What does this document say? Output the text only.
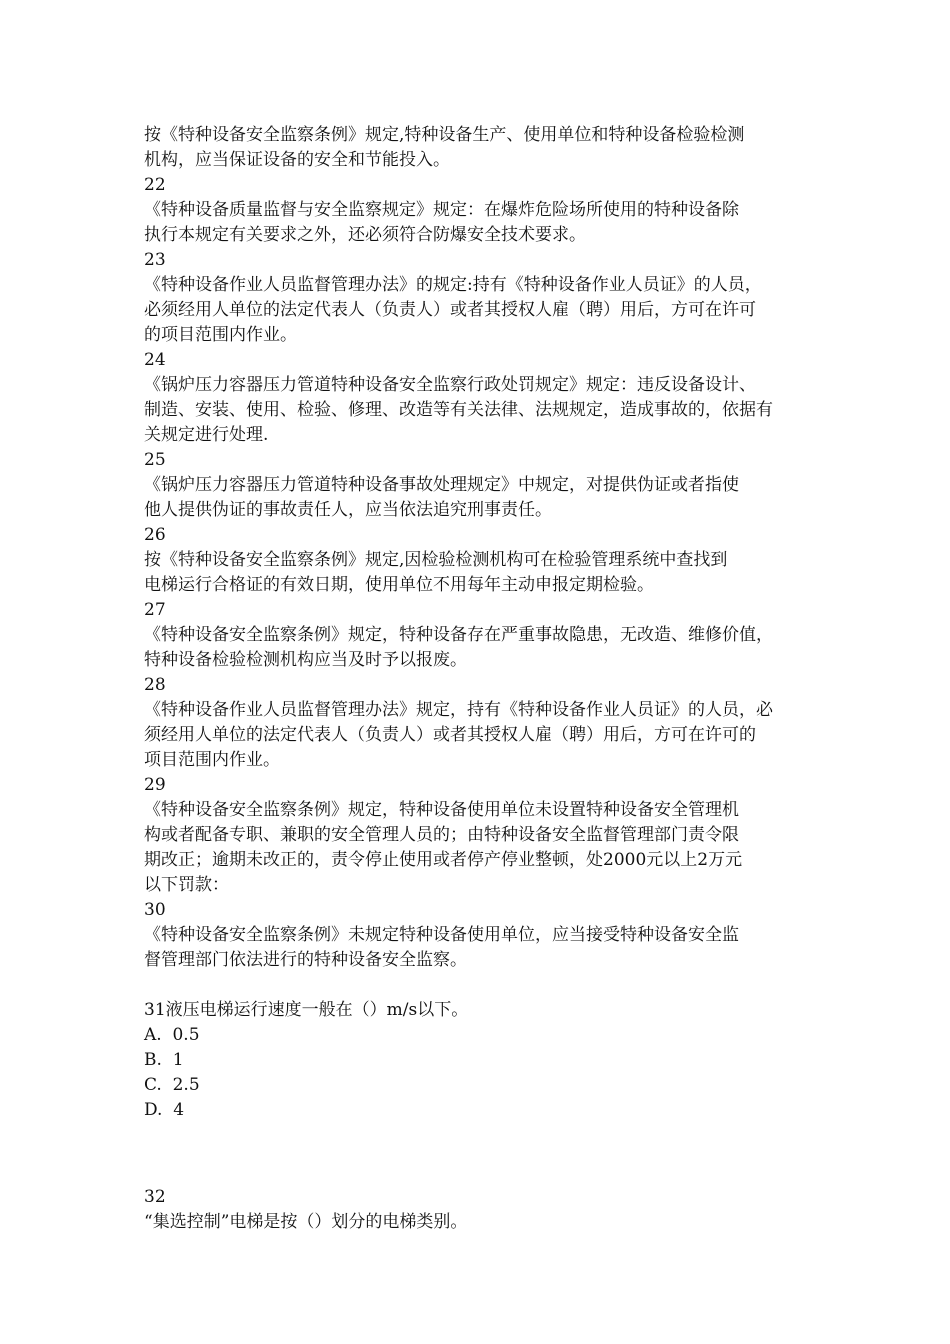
按《特种设备安全监察条例》规定,特种设备生产、使用单位和特种设备检验检测
机构，应当保证设备的安全和节能投入。
22
《特种设备质量监督与安全监察规定》规定：在爆炸危险场所使用的特种设备除
执行本规定有关要求之外，还必须符合防爆安全技术要求。
23
《特种设备作业人员监督管理办法》的规定:持有《特种设备作业人员证》的人员，
必须经用人单位的法定代表人（负责人）或者其授权人雇（聘）用后，方可在许可
的项目范围内作业。
24
《锅炉压力容器压力管道特种设备安全监察行政处罚规定》规定：违反设备设计、
制造、安装、使用、检验、修理、改造等有关法律、法规规定，造成事故的，依据有
关规定进行处理.
25
《锅炉压力容器压力管道特种设备事故处理规定》中规定，对提供伪证或者指使
他人提供伪证的事故责任人，应当依法追究刑事责任。
26
按《特种设备安全监察条例》规定,因检验检测机构可在检验管理系统中查找到
电梯运行合格证的有效日期，使用单位不用每年主动申报定期检验。
27
《特种设备安全监察条例》规定，特种设备存在严重事故隐患，无改造、维修价值，
特种设备检验检测机构应当及时予以报废。
28
《特种设备作业人员监督管理办法》规定，持有《特种设备作业人员证》的人员，必
须经用人单位的法定代表人（负责人）或者其授权人雇（聘）用后，方可在许可的
项目范围内作业。
29
《特种设备安全监察条例》规定，特种设备使用单位未设置特种设备安全管理机
构或者配备专职、兼职的安全管理人员的；由特种设备安全监督管理部门责令限
期改正；逾期未改正的，责令停止使用或者停产停业整顿，处2000元以上2万元
以下罚款：
30
《特种设备安全监察条例》未规定特种设备使用单位，应当接受特种设备安全监
督管理部门依法进行的特种设备安全监察。
31液压电梯运行速度一般在（）m/s以下。
A.  0.5
B.  1
C.  2.5
D.  4
32
“集选控制”电梯是按（）划分的电梯类别。
